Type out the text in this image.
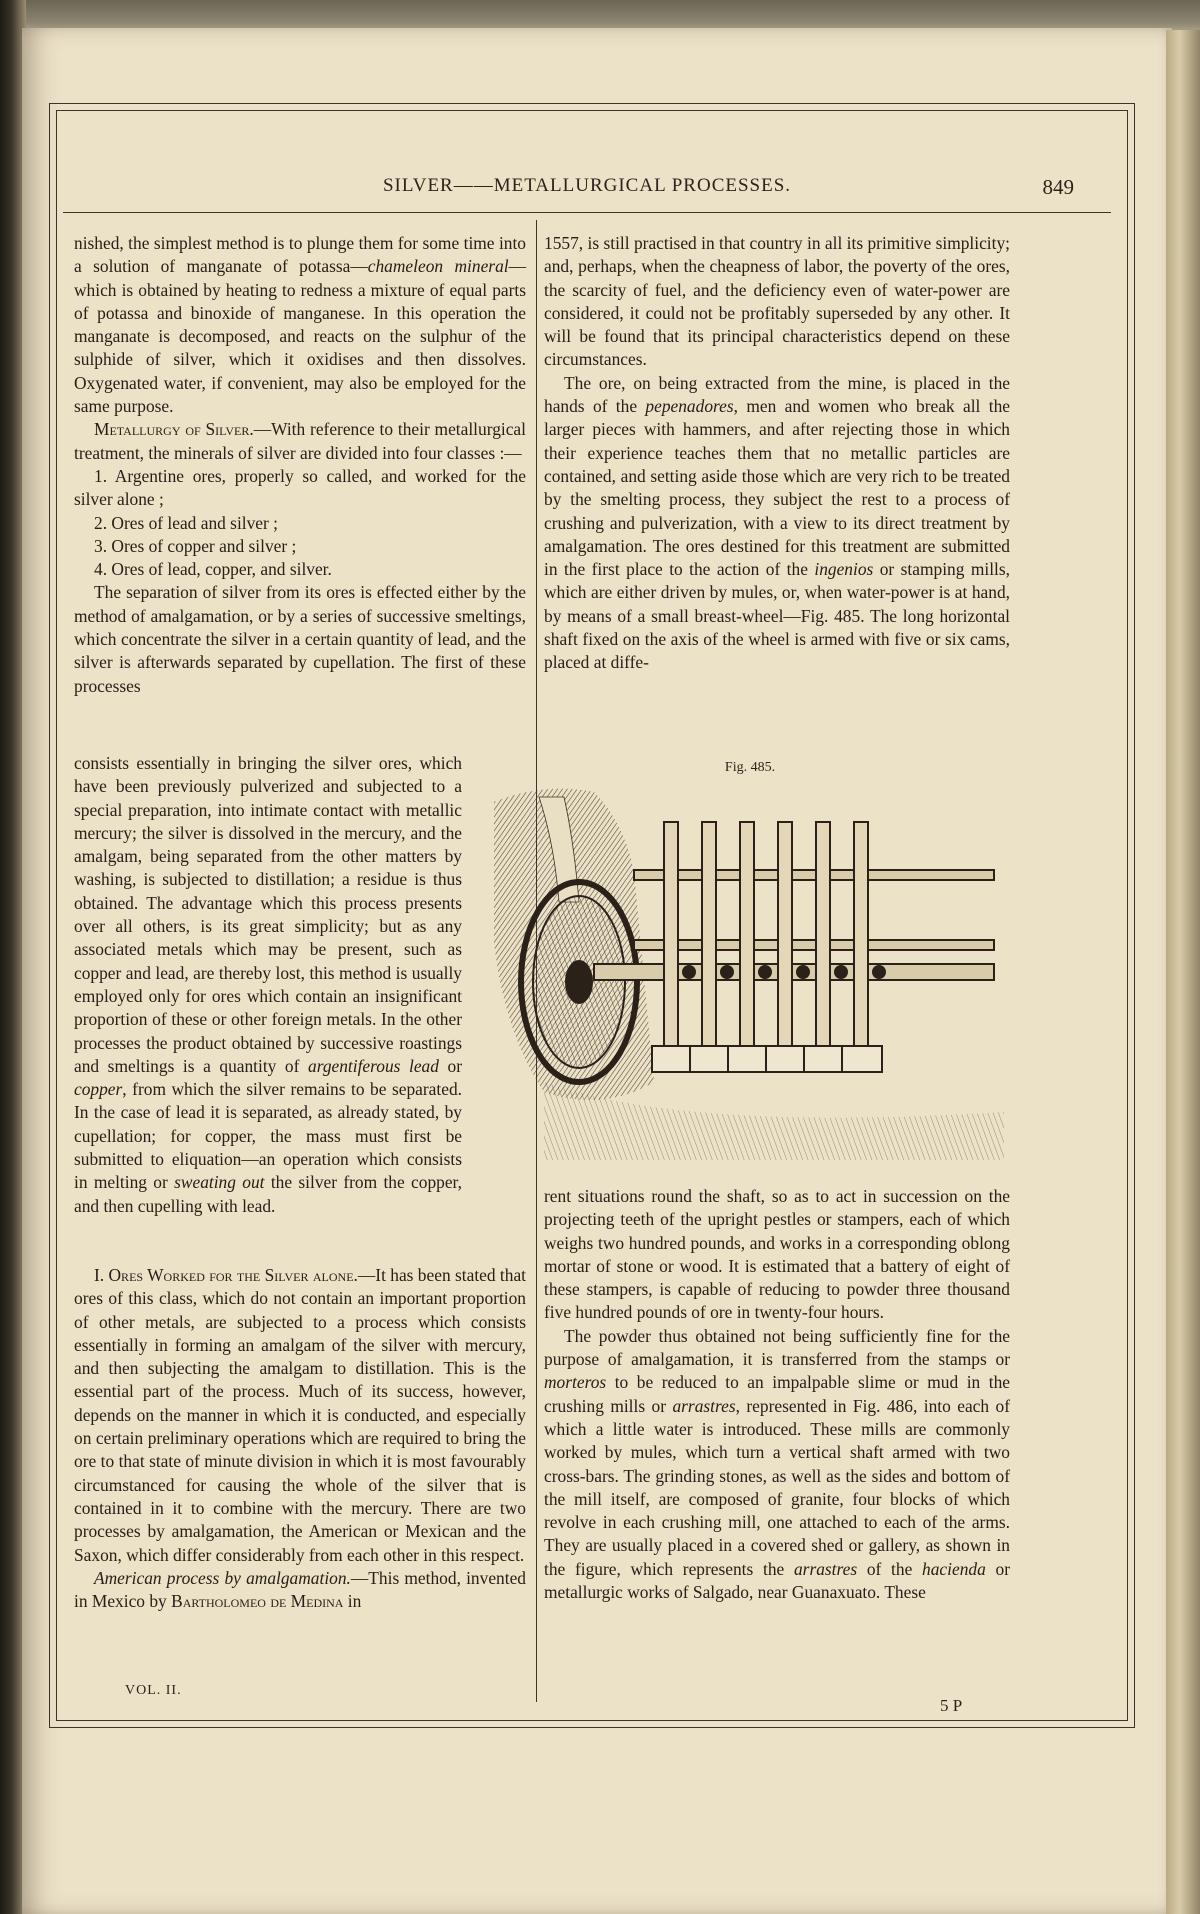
SILVER——METALLURGICAL PROCESSES.	849

nished, the simplest method is to plunge them for some time into a solution of manganate of potassa—chameleon mineral—which is obtained by heating to redness a mixture of equal parts of potassa and binoxide of manganese. In this operation the manganate is decomposed, and reacts on the sulphur of the sulphide of silver, which it oxidises and then dissolves. Oxygenated water, if convenient, may also be employed for the same purpose.

Metallurgy of Silver.—With reference to their metallurgical treatment, the minerals of silver are divided into four classes :—

1. Argentine ores, properly so called, and worked for the silver alone ;

2. Ores of lead and silver ;

3. Ores of copper and silver ;

4. Ores of lead, copper, and silver.

The separation of silver from its ores is effected either by the method of amalgamation, or by a series of successive smeltings, which concentrate the silver in a certain quantity of lead, and the silver is afterwards separated by cupellation. The first of these processes

consists essentially in bringing the silver ores, which have been previously pulverized and subjected to a special preparation, into intimate contact with metallic mercury; the silver is dissolved in the mercury, and the amalgam, being separated from the other matters by washing, is subjected to distillation; a residue is thus obtained. The advantage which this process presents over all others, is its great simplicity; but as any associated metals which may be present, such as copper and lead, are thereby lost, this method is usually employed only for ores which contain an insignificant proportion of these or other foreign metals. In the other processes the product obtained by successive roastings and smeltings is a quantity of argentiferous lead or copper, from which the silver remains to be separated. In the case of lead it is separated, as already stated, by cupellation; for copper, the mass must first be submitted to eliquation—an operation which consists in melting or sweating out the silver from the copper, and then cupelling with lead.

I. Ores Worked for the Silver alone.—It has been stated that ores of this class, which do not contain an important proportion of other metals, are subjected to a process which consists essentially in forming an amalgam of the silver with mercury, and then subjecting the amalgam to distillation. This is the essential part of the process. Much of its success, however, depends on the manner in which it is conducted, and especially on certain preliminary operations which are required to bring the ore to that state of minute division in which it is most favourably circumstanced for causing the whole of the silver that is contained in it to combine with the mercury. There are two processes by amalgamation, the American or Mexican and the Saxon, which differ considerably from each other in this respect.

American process by amalgamation.—This method, invented in Mexico by Bartholomeo de Medina in

1557, is still practised in that country in all its primitive simplicity; and, perhaps, when the cheapness of labor, the poverty of the ores, the scarcity of fuel, and the deficiency even of water-power are considered, it could not be profitably superseded by any other. It will be found that its principal characteristics depend on these circumstances.

The ore, on being extracted from the mine, is placed in the hands of the pepenadores, men and women who break all the larger pieces with hammers, and after rejecting those in which their experience teaches them that no metallic particles are contained, and setting aside those which are very rich to be treated by the smelting process, they subject the rest to a process of crushing and pulverization, with a view to its direct treatment by amalgamation. The ores destined for this treatment are submitted in the first place to the action of the ingenios or stamping mills, which are either driven by mules, or, when water-power is at hand, by means of a small breast-wheel—Fig. 485. The long horizontal shaft fixed on the axis of the wheel is armed with five or six cams, placed at diffe-

Fig. 485.

rent situations round the shaft, so as to act in succession on the projecting teeth of the upright pestles or stampers, each of which weighs two hundred pounds, and works in a corresponding oblong mortar of stone or wood. It is estimated that a battery of eight of these stampers, is capable of reducing to powder three thousand five hundred pounds of ore in twenty-four hours.

The powder thus obtained not being sufficiently fine for the purpose of amalgamation, it is transferred from the stamps or morteros to be reduced to an impalpable slime or mud in the crushing mills or arrastres, represented in Fig. 486, into each of which a little water is introduced. These mills are commonly worked by mules, which turn a vertical shaft armed with two cross-bars. The grinding stones, as well as the sides and bottom of the mill itself, are composed of granite, four blocks of which revolve in each crushing mill, one attached to each of the arms. They are usually placed in a covered shed or gallery, as shown in the figure, which represents the arrastres of the hacienda or metallurgic works of Salgado, near Guanaxuato. These

VOL. II.
5 P
